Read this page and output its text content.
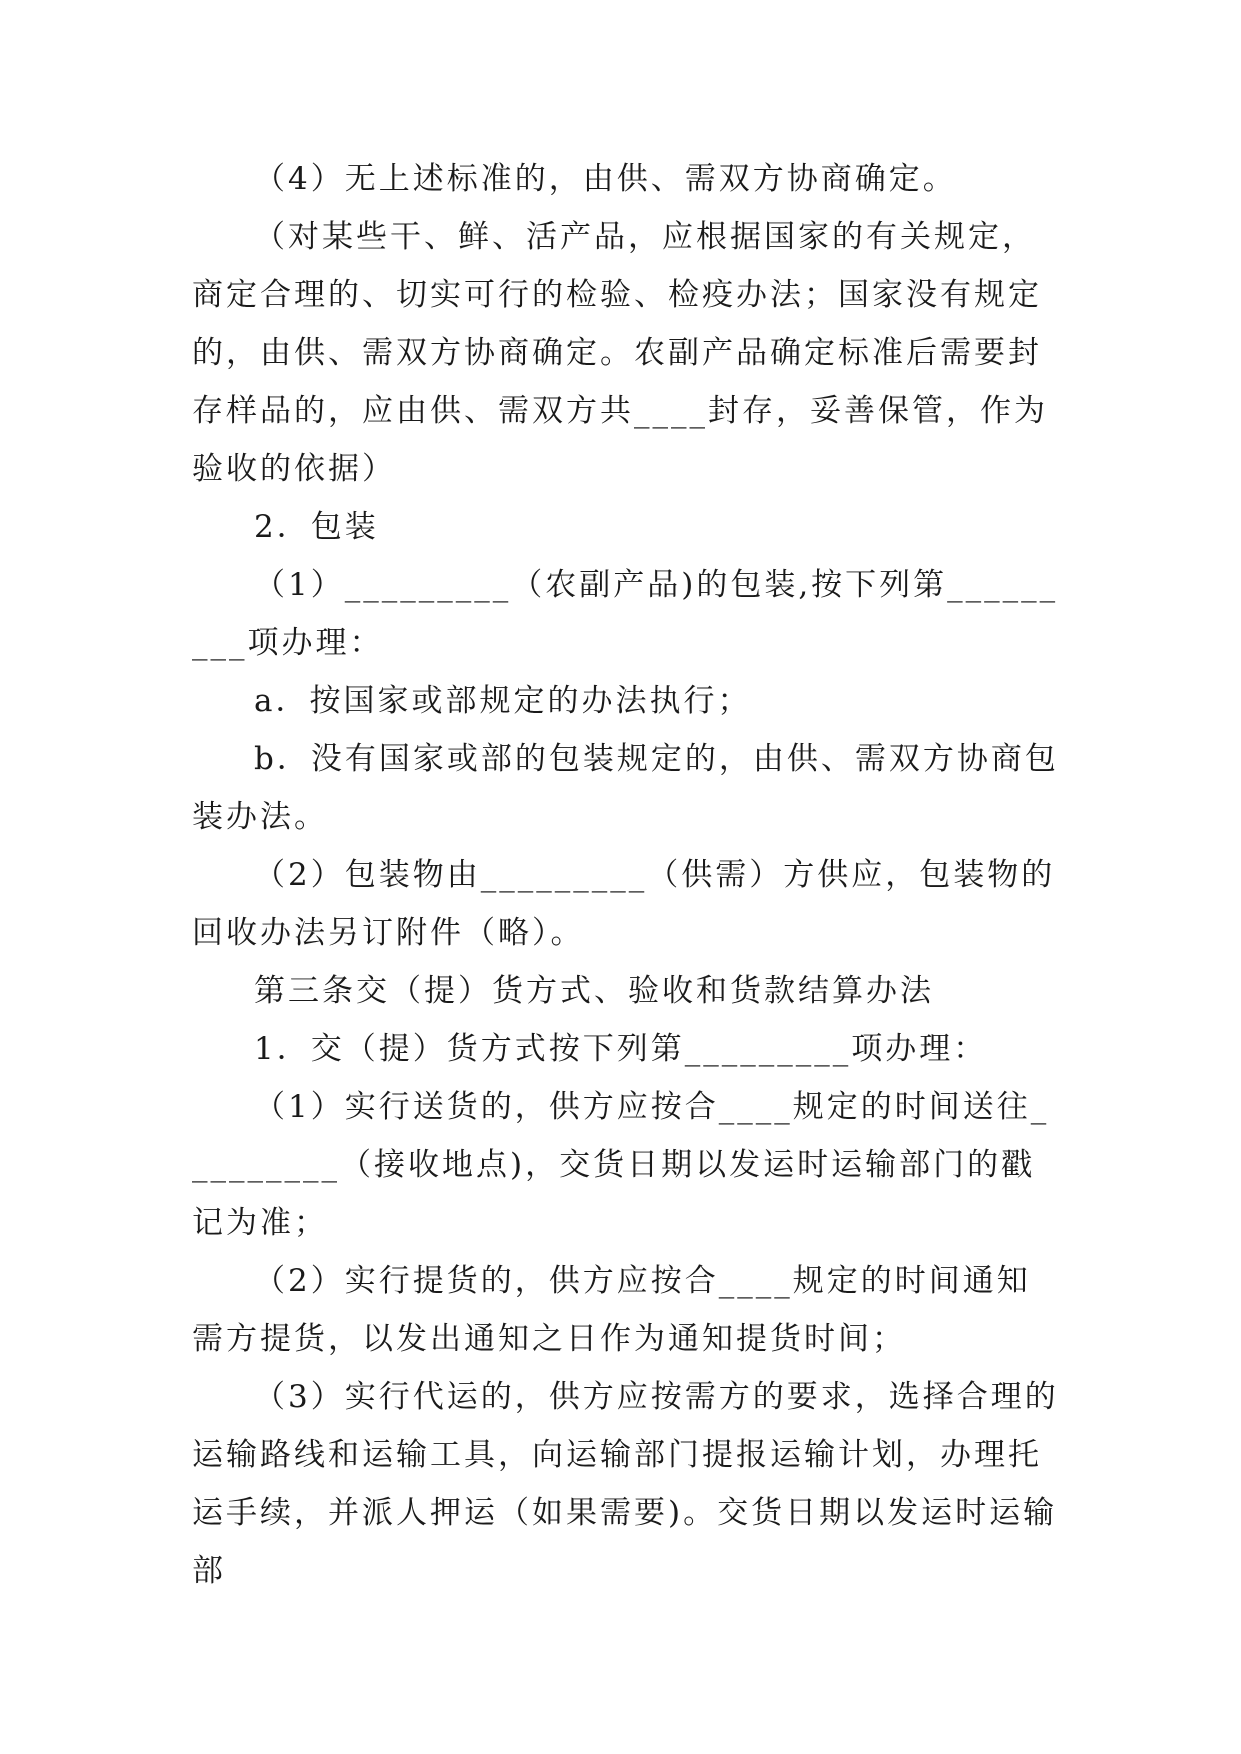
（4）无上述标准的，由供、需双方协商确定。

（对某些干、鲜、活产品，应根据国家的有关规定，商定合理的、切实可行的检验、检疫办法；国家没有规定的，由供、需双方协商确定。农副产品确定标准后需要封存样品的，应由供、需双方共____封存，妥善保管，作为验收的依据）

2．包装

（1）_________（农副产品)的包装,按下列第_________项办理：

a．按国家或部规定的办法执行；

b．没有国家或部的包装规定的，由供、需双方协商包装办法。

（2）包装物由_________（供需）方供应，包装物的回收办法另订附件（略）。

第三条交（提）货方式、验收和货款结算办法

1．交（提）货方式按下列第_________项办理：

（1）实行送货的，供方应按合____规定的时间送往_________（接收地点)，交货日期以发运时运输部门的戳记为准；

（2）实行提货的，供方应按合____规定的时间通知需方提货，以发出通知之日作为通知提货时间；

（3）实行代运的，供方应按需方的要求，选择合理的运输路线和运输工具，向运输部门提报运输计划，办理托运手续，并派人押运（如果需要)。交货日期以发运时运输部
